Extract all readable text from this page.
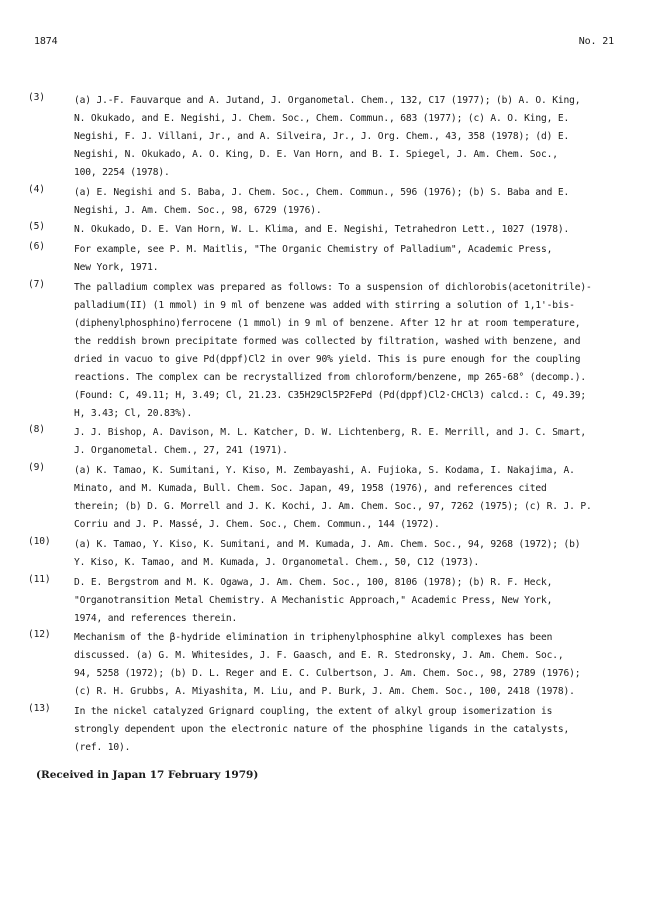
1874	No. 21
(3)	(a) J.-F. Fauvarque and A. Jutand, J. Organometal. Chem., 132, C17 (1977); (b) A. O. King,
N. Okukado, and E. Negishi, J. Chem. Soc., Chem. Commun., 683 (1977); (c) A. O. King, E.
Negishi, F. J. Villani, Jr., and A. Silveira, Jr., J. Org. Chem., 43, 358 (1978); (d) E.
Negishi, N. Okukado, A. O. King, D. E. Van Horn, and B. I. Spiegel, J. Am. Chem. Soc.,
100, 2254 (1978).
(4)	(a) E. Negishi and S. Baba, J. Chem. Soc., Chem. Commun., 596 (1976); (b) S. Baba and E.
Negishi, J. Am. Chem. Soc., 98, 6729 (1976).
(5)	N. Okukado, D. E. Van Horn, W. L. Klima, and E. Negishi, Tetrahedron Lett., 1027 (1978).
(6)	For example, see P. M. Maitlis, "The Organic Chemistry of Palladium", Academic Press,
New York, 1971.
(7)	The palladium complex was prepared as follows: To a suspension of dichlorobis(acetonitrile)-
palladium(II) (1 mmol) in 9 ml of benzene was added with stirring a solution of 1,1'-bis-
(diphenylphosphino)ferrocene (1 mmol) in 9 ml of benzene. After 12 hr at room temperature,
the reddish brown precipitate formed was collected by filtration, washed with benzene, and
dried in vacuo to give Pd(dppf)Cl2 in over 90% yield. This is pure enough for the coupling
reactions. The complex can be recrystallized from chloroform/benzene, mp 265-68° (decomp.).
(Found: C, 49.11; H, 3.49; Cl, 21.23. C35H29Cl5P2FePd (Pd(dppf)Cl2·CHCl3) calcd.: C, 49.39;
H, 3.43; Cl, 20.83%).
(8)	J. J. Bishop, A. Davison, M. L. Katcher, D. W. Lichtenberg, R. E. Merrill, and J. C. Smart,
J. Organometal. Chem., 27, 241 (1971).
(9)	(a) K. Tamao, K. Sumitani, Y. Kiso, M. Zembayashi, A. Fujioka, S. Kodama, I. Nakajima, A.
Minato, and M. Kumada, Bull. Chem. Soc. Japan, 49, 1958 (1976), and references cited
therein; (b) D. G. Morrell and J. K. Kochi, J. Am. Chem. Soc., 97, 7262 (1975); (c) R. J. P.
Corriu and J. P. Massé, J. Chem. Soc., Chem. Commun., 144 (1972).
(10)	(a) K. Tamao, Y. Kiso, K. Sumitani, and M. Kumada, J. Am. Chem. Soc., 94, 9268 (1972); (b)
Y. Kiso, K. Tamao, and M. Kumada, J. Organometal. Chem., 50, C12 (1973).
(11)	D. E. Bergstrom and M. K. Ogawa, J. Am. Chem. Soc., 100, 8106 (1978); (b) R. F. Heck,
"Organotransition Metal Chemistry. A Mechanistic Approach," Academic Press, New York,
1974, and references therein.
(12)	Mechanism of the β-hydride elimination in triphenylphosphine alkyl complexes has been
discussed. (a) G. M. Whitesides, J. F. Gaasch, and E. R. Stedronsky, J. Am. Chem. Soc.,
94, 5258 (1972); (b) D. L. Reger and E. C. Culbertson, J. Am. Chem. Soc., 98, 2789 (1976);
(c) R. H. Grubbs, A. Miyashita, M. Liu, and P. Burk, J. Am. Chem. Soc., 100, 2418 (1978).
(13)	In the nickel catalyzed Grignard coupling, the extent of alkyl group isomerization is
strongly dependent upon the electronic nature of the phosphine ligands in the catalysts,
(ref. 10).
(Received in Japan 17 February 1979)
